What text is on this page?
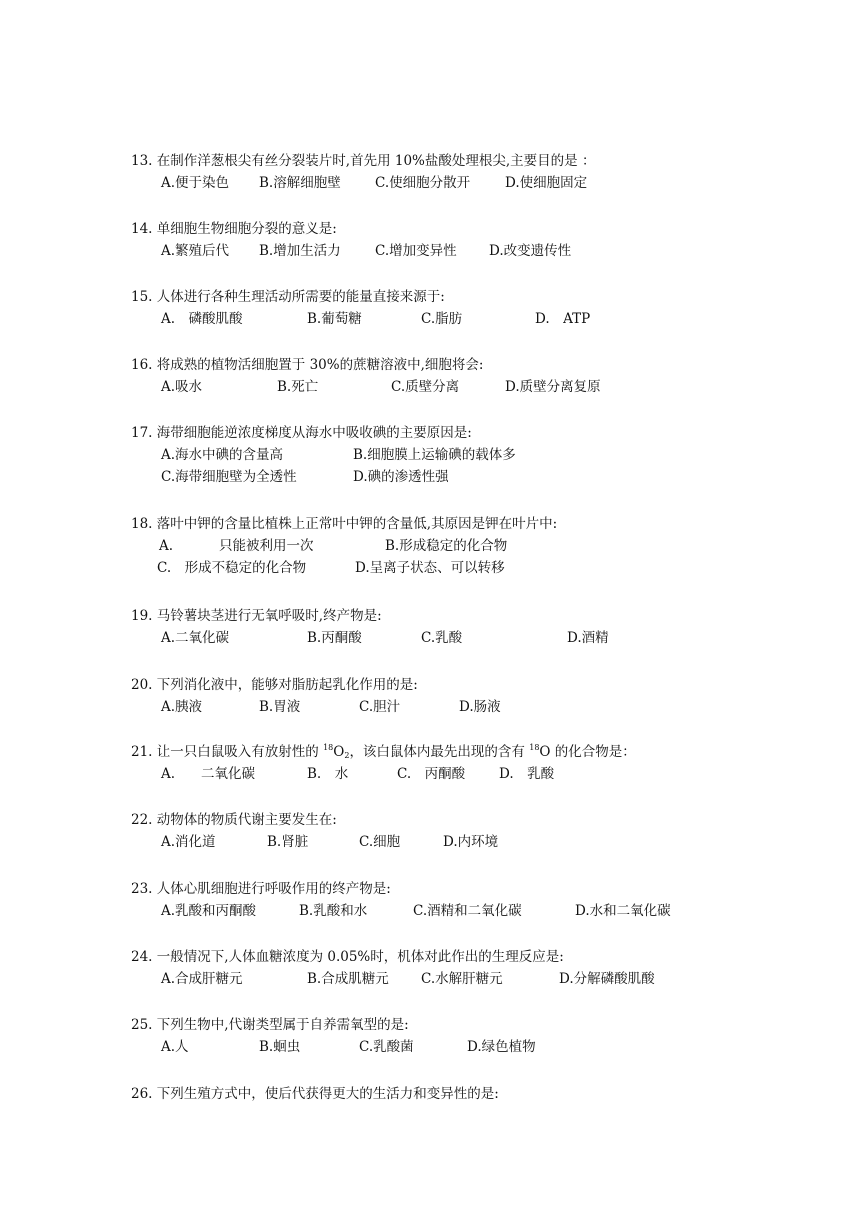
13. 在制作洋葱根尖有丝分裂装片时,首先用 10%盐酸处理根尖,主要目的是 ：
A.便于染色 B.溶解细胞壁	C.使细胞分散开	D.使细胞固定
14. 单细胞生物细胞分裂的意义是:
A.繁殖后代 B.增加生活力	C.增加变异性 D.改变遗传性
15. 人体进行各种生理活动所需要的能量直接来源于:
A.　磷酸肌酸	B.葡萄糖	C.脂肪	D.　ATP
16. 将成熟的植物活细胞置于 30%的蔗糖溶液中,细胞将会:
A.吸水	B.死亡	C.质壁分离	D.质壁分离复原
17. 海带细胞能逆浓度梯度从海水中吸收碘的主要原因是:
A.海水中碘的含量高	B.细胞膜上运输碘的载体多
C.海带细胞壁为全透性	D.碘的渗透性强
18. 落叶中钾的含量比植株上正常叶中钾的含量低,其原因是钾在叶片中:
A.	只能被利用一次	B.形成稳定的化合物
C.　形成不稳定的化合物	D.呈离子状态、可以转移
19. 马铃薯块茎进行无氧呼吸时,终产物是:
A.二氧化碳	B.丙酮酸	C.乳酸	D.酒精
20. 下列消化液中，能够对脂肪起乳化作用的是:
A.胰液	B.胃液	C.胆汁	D.肠液
21. 让一只白鼠吸入有放射性的 $^{18}O_2$，该白鼠体内最先出现的含有 $^{18}$O 的化合物是：
A. 二氧化碳	B.　水	C.　丙酮酸	D.　乳酸
22. 动物体的物质代谢主要发生在:
A.消化道	B.肾脏	C.细胞	D.内环境
23. 人体心肌细胞进行呼吸作用的终产物是:
A.乳酸和丙酮酸	B.乳酸和水	C.酒精和二氧化碳	D.水和二氧化碳
24. 一般情况下,人体血糖浓度为 0.05%时，机体对此作出的生理反应是:
A.合成肝糖元	B.合成肌糖元 C.水解肝糖元	D.分解磷酸肌酸
25. 下列生物中,代谢类型属于自养需氧型的是:
A.人	B.蛔虫	C.乳酸菌	D.绿色植物
26. 下列生殖方式中，使后代获得更大的生活力和变异性的是:
